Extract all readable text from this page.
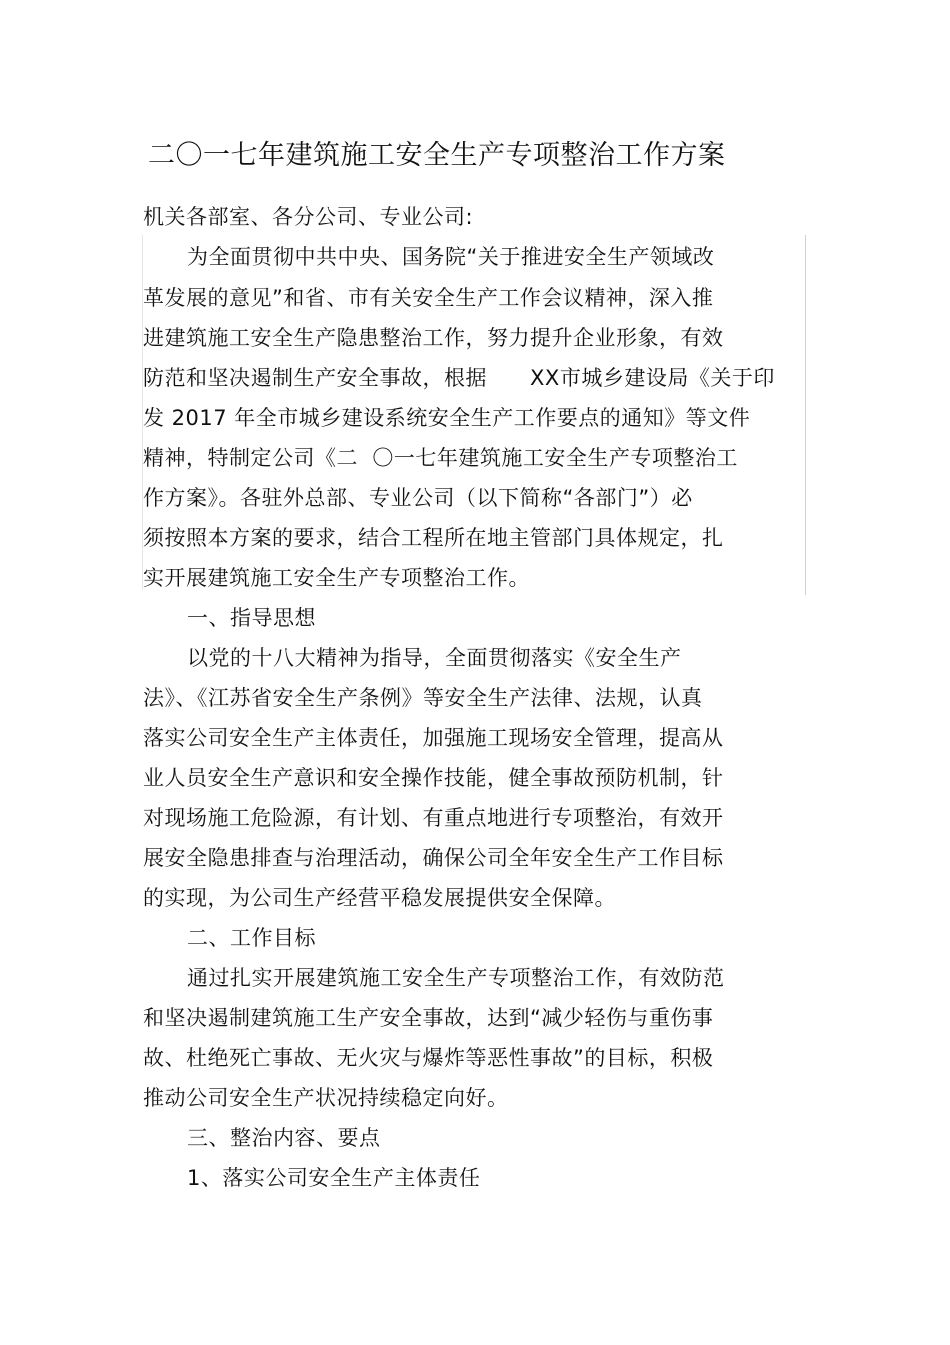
二〇一七年建筑施工安全生产专项整治工作方案
机关各部室、各分公司、专业公司:
为全面贯彻中共中央、国务院“关于推进安全生产领域改
革发展的意见”和省、市有关安全生产工作会议精神，深入推
进建筑施工安全生产隐患整治工作，努力提升企业形象，有效
防范和坚决遏制生产安全事故，根据      XX市城乡建设局《关于印
发 2017 年全市城乡建设系统安全生产工作要点的通知》等文件
精神，特制定公司《二  〇一七年建筑施工安全生产专项整治工
作方案》。各驻外总部、专业公司（以下简称“各部门”）必
须按照本方案的要求，结合工程所在地主管部门具体规定，扎
实开展建筑施工安全生产专项整治工作。
一、指导思想
以党的十八大精神为指导，全面贯彻落实《安全生产
法》、《江苏省安全生产条例》等安全生产法律、法规，认真
落实公司安全生产主体责任，加强施工现场安全管理，提高从
业人员安全生产意识和安全操作技能，健全事故预防机制，针
对现场施工危险源，有计划、有重点地进行专项整治，有效开
展安全隐患排查与治理活动，确保公司全年安全生产工作目标
的实现，为公司生产经营平稳发展提供安全保障。
二、工作目标
通过扎实开展建筑施工安全生产专项整治工作，有效防范
和坚决遏制建筑施工生产安全事故，达到“减少轻伤与重伤事
故、杜绝死亡事故、无火灾与爆炸等恶性事故”的目标，积极
推动公司安全生产状况持续稳定向好。
三、整治内容、要点
1、落实公司安全生产主体责任
